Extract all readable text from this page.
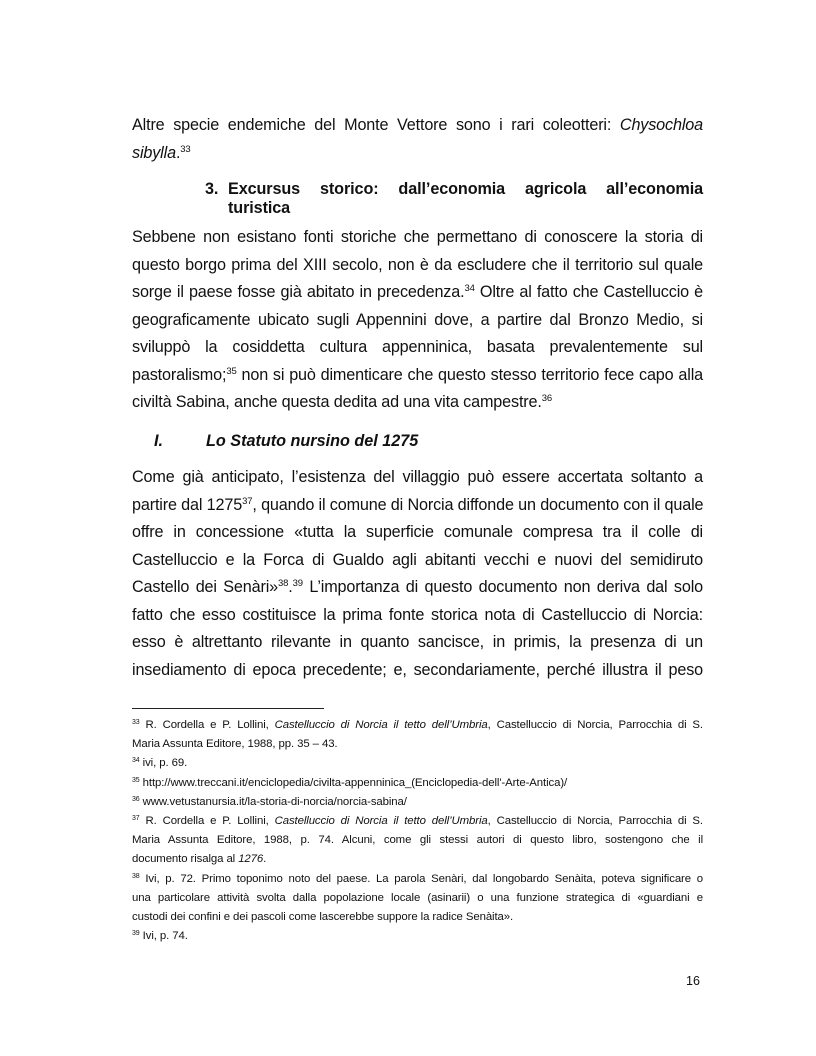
Altre specie endemiche del Monte Vettore sono i rari coleotteri: Chysochloa
sibylla.$^{33}$
3. Excursus storico: dall’economia agricola all’economia
turistica
Sebbene non esistano fonti storiche che permettano di conoscere la storia di
questo borgo prima del XIII secolo, non è da escludere che il territorio sul quale
sorge il paese fosse già abitato in precedenza.$^{34}$ Oltre al fatto che Castelluccio è
geograficamente ubicato sugli Appennini dove, a partire dal Bronzo Medio, si
sviluppò la cosiddetta cultura appenninica, basata prevalentemente sul
pastoralismo;$^{35}$ non si può dimenticare che questo stesso territorio fece capo alla
civiltà Sabina, anche questa dedita ad una vita campestre.$^{36}$
I.	Lo Statuto nursino del 1275
Come già anticipato, l’esistenza del villaggio può essere accertata soltanto a
partire dal 1275$^{37}$, quando il comune di Norcia diffonde un documento con il quale
offre in concessione «tutta la superficie comunale compresa tra il colle di
Castelluccio e la Forca di Gualdo agli abitanti vecchi e nuovi del semidiruto
Castello dei Senàri»$^{38}$.$^{39}$ L’importanza di questo documento non deriva dal solo
fatto che esso costituisce la prima fonte storica nota di Castelluccio di Norcia:
esso è altrettanto rilevante in quanto sancisce, in primis, la presenza di un
insediamento di epoca precedente; e, secondariamente, perché illustra il peso
$^{33}$ R. Cordella e P. Lollini, Castelluccio di Norcia il tetto dell’Umbria, Castelluccio di Norcia, Parrocchia di S.
Maria Assunta Editore, 1988, pp. 35 – 43.
$^{34}$ ivi, p. 69.
$^{35}$ http://www.treccani.it/enciclopedia/civilta-appenninica_(Enciclopedia-dell'-Arte-Antica)/
$^{36}$ www.vetustanursia.it/la-storia-di-norcia/norcia-sabina/
$^{37}$ R. Cordella e P. Lollini, Castelluccio di Norcia il tetto dell’Umbria, Castelluccio di Norcia, Parrocchia di S.
Maria Assunta Editore, 1988, p. 74. Alcuni, come gli stessi autori di questo libro, sostengono che il
documento risalga al 1276.
$^{38}$ Ivi, p. 72. Primo toponimo noto del paese. La parola Senàri, dal longobardo Senàita, poteva significare o
una particolare attività svolta dalla popolazione locale (asinarii) o una funzione strategica di «guardiani e
custodi dei confini e dei pascoli come lascerebbe suppore la radice Senàita».
$^{39}$ Ivi, p. 74.
16
